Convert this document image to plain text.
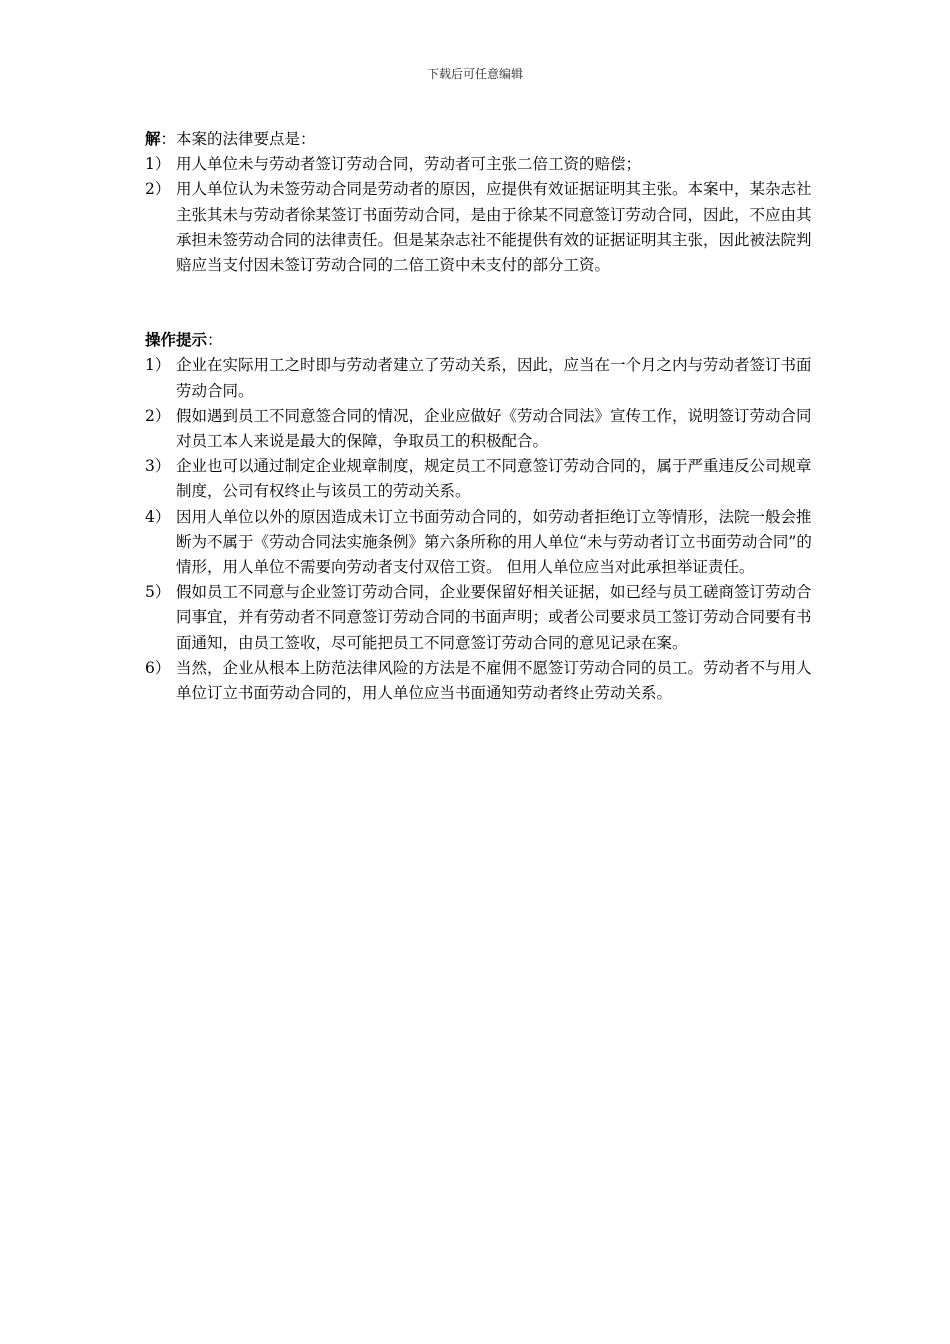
下载后可任意编辑
解：本案的法律要点是：
1） 用人单位未与劳动者签订劳动合同，劳动者可主张二倍工资的赔偿；
2） 用人单位认为未签劳动合同是劳动者的原因，应提供有效证据证明其主张。本案中，某杂志社主张其未与劳动者徐某签订书面劳动合同，是由于徐某不同意签订劳动合同，因此，不应由其承担未签劳动合同的法律责任。但是某杂志社不能提供有效的证据证明其主张，因此被法院判赔应当支付因未签订劳动合同的二倍工资中未支付的部分工资。
操作提示：
1） 企业在实际用工之时即与劳动者建立了劳动关系，因此，应当在一个月之内与劳动者签订书面劳动合同。
2） 假如遇到员工不同意签合同的情况，企业应做好《劳动合同法》宣传工作，说明签订劳动合同对员工本人来说是最大的保障，争取员工的积极配合。
3） 企业也可以通过制定企业规章制度，规定员工不同意签订劳动合同的，属于严重违反公司规章制度，公司有权终止与该员工的劳动关系。
4） 因用人单位以外的原因造成未订立书面劳动合同的，如劳动者拒绝订立等情形，法院一般会推断为不属于《劳动合同法实施条例》第六条所称的用人单位“未与劳动者订立书面劳动合同”的情形，用人单位不需要向劳动者支付双倍工资。 但用人单位应当对此承担举证责任。
5） 假如员工不同意与企业签订劳动合同，企业要保留好相关证据，如已经与员工磋商签订劳动合同事宜，并有劳动者不同意签订劳动合同的书面声明；或者公司要求员工签订劳动合同要有书面通知，由员工签收，尽可能把员工不同意签订劳动合同的意见记录在案。
6） 当然，企业从根本上防范法律风险的方法是不雇佣不愿签订劳动合同的员工。劳动者不与用人单位订立书面劳动合同的，用人单位应当书面通知劳动者终止劳动关系。
